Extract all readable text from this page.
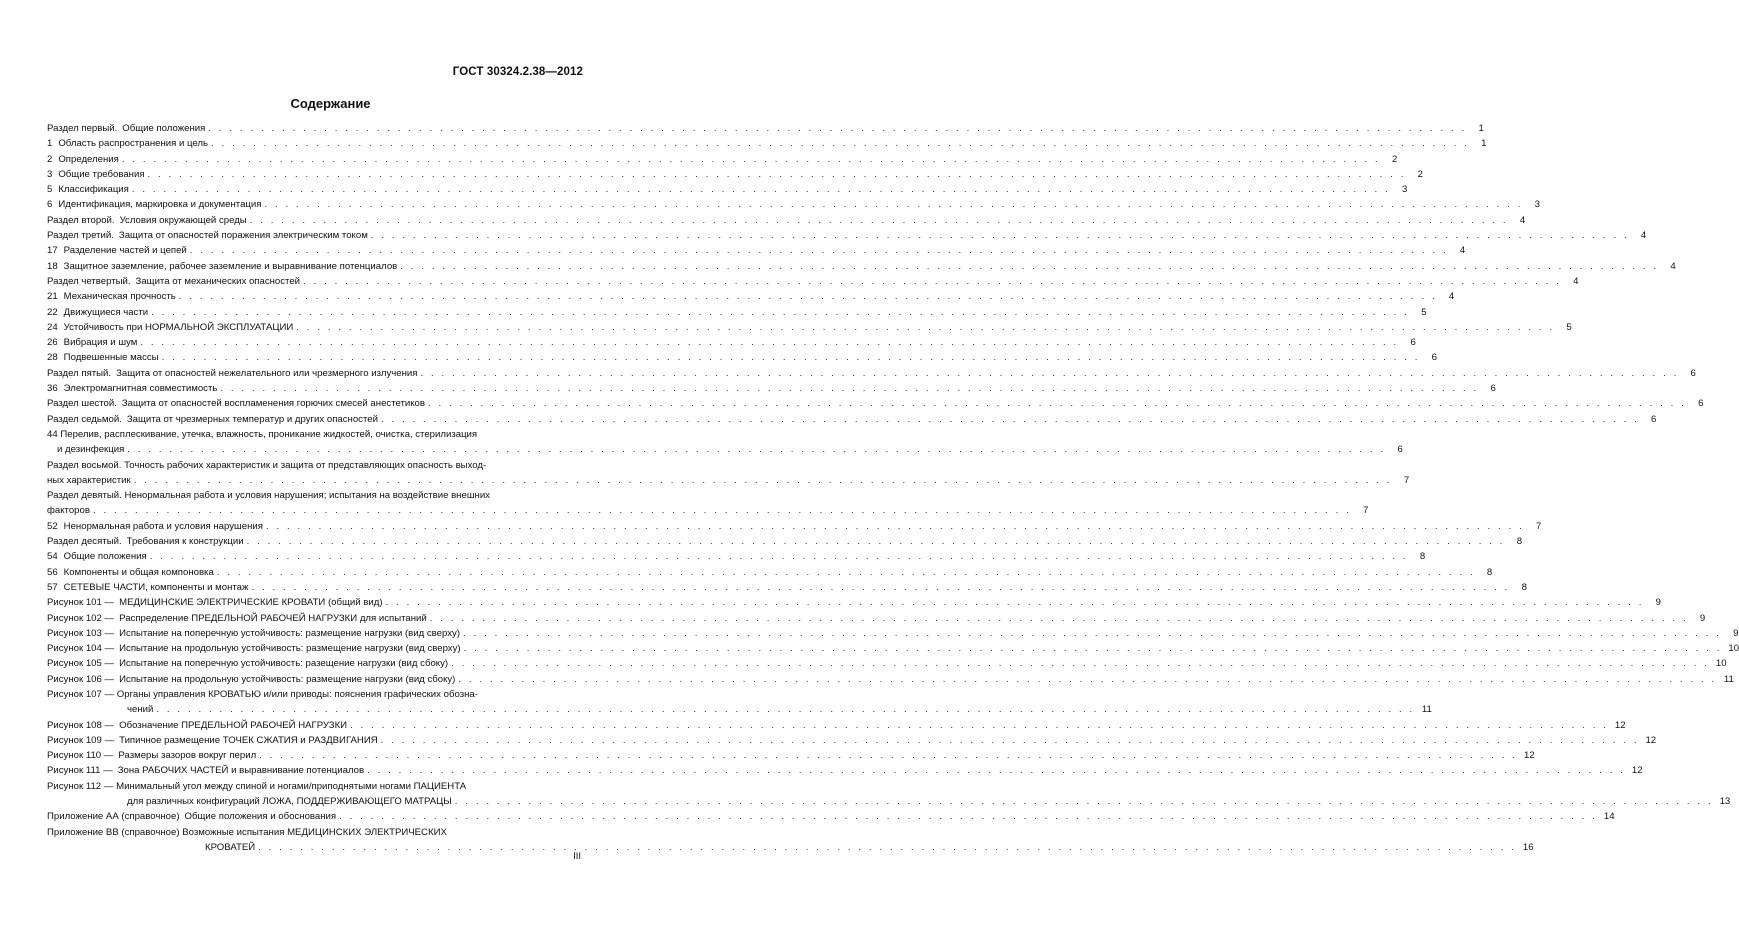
ГОСТ 30324.2.38—2012
Содержание
Раздел первый. Общие положения . . . . . . . . . . . . . . . . . . . . . . . . . . . . . . . . . . . . . . . . . . . . . . . . . . . . . . . . . . . . . . . . . . . . . . . . . . . . . . . . . . . . . . . . . . . . . . . . . . . . . . . . . . . . . . . . . . . . . . . .	1
1 Область распространения и цель . . . . . . . . . . . . . . . . . . . . . . . . . . . . . . . . . . . . . . . . . . . . . . . . . . . . . . . . . . . . . . . . . . . . . . . . . . . . . . . . . . . . . . . . . . . . . . . . . . . . . . . . . . . . . . . . . . . . . . . .	1
2 Определения . . . . . . . . . . . . . . . . . . . . . . . . . . . . . . . . . . . . . . . . . . . . . . . . . . . . . . . . . . . . . . . . . . . . . . . . . . . . . . . . . . . . . . . . . . . . . . . . . . . . . . . . . . . . . . . . . . . . . . . .	2
3 Общие требования . . . . . . . . . . . . . . . . . . . . . . . . . . . . . . . . . . . . . . . . . . . . . . . . . . . . . . . . . . . . . . . . . . . . . . . . . . . . . . . . . . . . . . . . . . . . . . . . . . . . . . . . . . . . . . . . . . . . . . . .	2
5 Классификация . . . . . . . . . . . . . . . . . . . . . . . . . . . . . . . . . . . . . . . . . . . . . . . . . . . . . . . . . . . . . . . . . . . . . . . . . . . . . . . . . . . . . . . . . . . . . . . . . . . . . . . . . . . . . . . . . . . . . . . .	3
6 Идентификация, маркировка и документация . . . . . . . . . . . . . . . . . . . . . . . . . . . . . . . . . . . . . . . . . . . . . . . . . . . . . . . . . . . . . . . . . . . . . . . . . . . . . . . . . . . . . . . . . . . . . . . . . . . . . . . . . . . . . . . . . . . . . . . .	3
Раздел второй. Условия окружающей среды . . . . . . . . . . . . . . . . . . . . . . . . . . . . . . . . . . . . . . . . . . . . . . . . . . . . . . . . . . . . . . . . . . . . . . . . . . . . . . . . . . . . . . . . . . . . . . . . . . . . . . . . . . . . . . . . . . . . . . . .	4
Раздел третий. Защита от опасностей поражения электрическим током . . . . . . . . . . . . . . . . . . . . . . . . . . . . . . . . . . . . . . . . . . . . . . . . . . . . . . . . . . . . . . . . . . . . . . . . . . . . . . . . . . . . . . . . . . . . . . . . . . . . . . . . . . . . . . . . . . . . . . . .	4
17 Разделение частей и цепей . . . . . . . . . . . . . . . . . . . . . . . . . . . . . . . . . . . . . . . . . . . . . . . . . . . . . . . . . . . . . . . . . . . . . . . . . . . . . . . . . . . . . . . . . . . . . . . . . . . . . . . . . . . . . . . . . . . . . . . .	4
18 Защитное заземление, рабочее заземление и выравнивание потенциалов . . . . . . . . . . . . . . . . . . . . . . . . . . . . . . . . . . . . . . . . . . . . . . . . . . . . . . . . . . . . . . . . . . . . . . . . . . . . . . . . . . . . . . . . . . . . . . . . . . . . . . . . . . . . . . . . . . . . . . . .	4
Раздел четвертый. Защита от механических опасностей . . . . . . . . . . . . . . . . . . . . . . . . . . . . . . . . . . . . . . . . . . . . . . . . . . . . . . . . . . . . . . . . . . . . . . . . . . . . . . . . . . . . . . . . . . . . . . . . . . . . . . . . . . . . . . . . . . . . . . . .	4
21 Механическая прочность . . . . . . . . . . . . . . . . . . . . . . . . . . . . . . . . . . . . . . . . . . . . . . . . . . . . . . . . . . . . . . . . . . . . . . . . . . . . . . . . . . . . . . . . . . . . . . . . . . . . . . . . . . . . . . . . . . . . . . . .	4
22 Движущиеся части . . . . . . . . . . . . . . . . . . . . . . . . . . . . . . . . . . . . . . . . . . . . . . . . . . . . . . . . . . . . . . . . . . . . . . . . . . . . . . . . . . . . . . . . . . . . . . . . . . . . . . . . . . . . . . . . . . . . . . . .	5
24 Устойчивость при НОРМАЛЬНОЙ ЭКСПЛУАТАЦИИ . . . . . . . . . . . . . . . . . . . . . . . . . . . . . . . . . . . . . . . . . . . . . . . . . . . . . . . . . . . . . . . . . . . . . . . . . . . . . . . . . . . . . . . . . . . . . . . . . . . . . . . . . . . . . . . . . . . . . . . .	5
26 Вибрация и шум . . . . . . . . . . . . . . . . . . . . . . . . . . . . . . . . . . . . . . . . . . . . . . . . . . . . . . . . . . . . . . . . . . . . . . . . . . . . . . . . . . . . . . . . . . . . . . . . . . . . . . . . . . . . . . . . . . . . . . . .	6
28 Подвешенные массы . . . . . . . . . . . . . . . . . . . . . . . . . . . . . . . . . . . . . . . . . . . . . . . . . . . . . . . . . . . . . . . . . . . . . . . . . . . . . . . . . . . . . . . . . . . . . . . . . . . . . . . . . . . . . . . . . . . . . . . .	6
Раздел пятый. Защита от опасностей нежелательного или чрезмерного излучения . . . . . . . . . . . . . . . . . . . . . . . . . . . . . . . . . . . . . . . . . . . . . . . . . . . . . . . . . . . . . . . . . . . . . . . . . . . . . . . . . . . . . . . . . . . . . . . . . . . . . . . . . . . . . . . . . . . . . . . .	6
36 Электромагнитная совместимость . . . . . . . . . . . . . . . . . . . . . . . . . . . . . . . . . . . . . . . . . . . . . . . . . . . . . . . . . . . . . . . . . . . . . . . . . . . . . . . . . . . . . . . . . . . . . . . . . . . . . . . . . . . . . . . . . . . . . . . .	6
Раздел шестой. Защита от опасностей воспламенения горючих смесей анестетиков . . . . . . . . . . . . . . . . . . . . . . . . . . . . . . . . . . . . . . . . . . . . . . . . . . . . . . . . . . . . . . . . . . . . . . . . . . . . . . . . . . . . . . . . . . . . . . . . . . . . . . . . . . . . . . . . . . . . . . . .	6
Раздел седьмой. Защита от чрезмерных температур и других опасностей . . . . . . . . . . . . . . . . . . . . . . . . . . . . . . . . . . . . . . . . . . . . . . . . . . . . . . . . . . . . . . . . . . . . . . . . . . . . . . . . . . . . . . . . . . . . . . . . . . . . . . . . . . . . . . . . . . . . . . . .	6
44 Перелив, расплескивание, утечка, влажность, проникание жидкостей, очистка, стерилизация
и дезинфекция . . . . . . . . . . . . . . . . . . . . . . . . . . . . . . . . . . . . . . . . . . . . . . . . . . . . . . . . . . . . . . . . . . . . . . . . . . . . . . . . . . . . . . . . . . . . . . . . . . . . . . . . . . . . . . . . . . . . . . . .	6
Раздел восьмой. Точность рабочих характеристик и защита от представляющих опасность выход-
ных характеристик . . . . . . . . . . . . . . . . . . . . . . . . . . . . . . . . . . . . . . . . . . . . . . . . . . . . . . . . . . . . . . . . . . . . . . . . . . . . . . . . . . . . . . . . . . . . . . . . . . . . . . . . . . . . . . . . . . . . . . . .	7
Раздел девятый. Ненормальная работа и условия нарушения; испытания на воздействие внешних
факторов . . . . . . . . . . . . . . . . . . . . . . . . . . . . . . . . . . . . . . . . . . . . . . . . . . . . . . . . . . . . . . . . . . . . . . . . . . . . . . . . . . . . . . . . . . . . . . . . . . . . . . . . . . . . . . . . . . . . . . . .	7
52 Ненормальная работа и условия нарушения . . . . . . . . . . . . . . . . . . . . . . . . . . . . . . . . . . . . . . . . . . . . . . . . . . . . . . . . . . . . . . . . . . . . . . . . . . . . . . . . . . . . . . . . . . . . . . . . . . . . . . . . . . . . . . . . . . . . . . . .	7
Раздел десятый. Требования к конструкции . . . . . . . . . . . . . . . . . . . . . . . . . . . . . . . . . . . . . . . . . . . . . . . . . . . . . . . . . . . . . . . . . . . . . . . . . . . . . . . . . . . . . . . . . . . . . . . . . . . . . . . . . . . . . . . . . . . . . . . .	8
54 Общие положения . . . . . . . . . . . . . . . . . . . . . . . . . . . . . . . . . . . . . . . . . . . . . . . . . . . . . . . . . . . . . . . . . . . . . . . . . . . . . . . . . . . . . . . . . . . . . . . . . . . . . . . . . . . . . . . . . . . . . . . .	8
56 Компоненты и общая компоновка . . . . . . . . . . . . . . . . . . . . . . . . . . . . . . . . . . . . . . . . . . . . . . . . . . . . . . . . . . . . . . . . . . . . . . . . . . . . . . . . . . . . . . . . . . . . . . . . . . . . . . . . . . . . . . . . . . . . . . . .	8
57 СЕТЕВЫЕ ЧАСТИ, компоненты и монтаж . . . . . . . . . . . . . . . . . . . . . . . . . . . . . . . . . . . . . . . . . . . . . . . . . . . . . . . . . . . . . . . . . . . . . . . . . . . . . . . . . . . . . . . . . . . . . . . . . . . . . . . . . . . . . . . . . . . . . . . .	8
Рисунок 101 — МЕДИЦИНСКИЕ ЭЛЕКТРИЧЕСКИЕ КРОВАТИ (общий вид) . . . . . . . . . . . . . . . . . . . . . . . . . . . . . . . . . . . . . . . . . . . . . . . . . . . . . . . . . . . . . . . . . . . . . . . . . . . . . . . . . . . . . . . . . . . . . . . . . . . . . . . . . . . . . . . . . . . . . . . .	9
Рисунок 102 — Распределение ПРЕДЕЛЬНОЙ РАБОЧЕЙ НАГРУЗКИ для испытаний . . . . . . . . . . . . . . . . . . . . . . . . . . . . . . . . . . . . . . . . . . . . . . . . . . . . . . . . . . . . . . . . . . . . . . . . . . . . . . . . . . . . . . . . . . . . . . . . . . . . . . . . . . . . . . . . . . . . . . . .	9
Рисунок 103 — Испытание на поперечную устойчивость: размещение нагрузки (вид сверху) . . . . . . . . . . . . . . . . . . . . . . . . . . . . . . . . . . . . . . . . . . . . . . . . . . . . . . . . . . . . . . . . . . . . . . . . . . . . . . . . . . . . . . . . . . . . . . . . . . . . . . . . . . . . . . . . . . . . . . . .	9
Рисунок 104 — Испытание на продольную устойчивость: размещение нагрузки (вид сверху) . . . . . . . . . . . . . . . . . . . . . . . . . . . . . . . . . . . . . . . . . . . . . . . . . . . . . . . . . . . . . . . . . . . . . . . . . . . . . . . . . . . . . . . . . . . . . . . . . . . . . . . . . . . . . . . . . . . . . . . . 10
Рисунок 105 — Испытание на поперечную устойчивость: разещение нагрузки (вид сбоку) . . . . . . . . . . . . . . . . . . . . . . . . . . . . . . . . . . . . . . . . . . . . . . . . . . . . . . . . . . . . . . . . . . . . . . . . . . . . . . . . . . . . . . . . . . . . . . . . . . . . . . . . . . . . . . . . . . . . . . . . 10
Рисунок 106 — Испытание на продольную устойчивость: размещение нагрузки (вид сбоку) . . . . . . . . . . . . . . . . . . . . . . . . . . . . . . . . . . . . . . . . . . . . . . . . . . . . . . . . . . . . . . . . . . . . . . . . . . . . . . . . . . . . . . . . . . . . . . . . . . . . . . . . . . . . . . . . . . . . . . . . 11
Рисунок 107 — Органы управления КРОВАТЬЮ и/или приводы: пояснения графических обозна-
чений . . . . . . . . . . . . . . . . . . . . . . . . . . . . . . . . . . . . . . . . . . . . . . . . . . . . . . . . . . . . . . . . . . . . . . . . . . . . . . . . . . . . . . . . . . . . . . . . . . . . . . . . . . . . . . . . . . . . . . . . 11
Рисунок 108 — Обозначение ПРЕДЕЛЬНОЙ РАБОЧЕЙ НАГРУЗКИ . . . . . . . . . . . . . . . . . . . . . . . . . . . . . . . . . . . . . . . . . . . . . . . . . . . . . . . . . . . . . . . . . . . . . . . . . . . . . . . . . . . . . . . . . . . . . . . . . . . . . . . . . . . . . . . . . . . . . . . . 12
Рисунок 109 — Типичное размещение ТОЧЕК СЖАТИЯ и РАЗДВИГАНИЯ . . . . . . . . . . . . . . . . . . . . . . . . . . . . . . . . . . . . . . . . . . . . . . . . . . . . . . . . . . . . . . . . . . . . . . . . . . . . . . . . . . . . . . . . . . . . . . . . . . . . . . . . . . . . . . . . . . . . . . . . 12
Рисунок 110 — Размеры зазоров вокруг перил . . . . . . . . . . . . . . . . . . . . . . . . . . . . . . . . . . . . . . . . . . . . . . . . . . . . . . . . . . . . . . . . . . . . . . . . . . . . . . . . . . . . . . . . . . . . . . . . . . . . . . . . . . . . . . . . . . . . . . . . 12
Рисунок 111 — Зона РАБОЧИХ ЧАСТЕЙ и выравнивание потенциалов . . . . . . . . . . . . . . . . . . . . . . . . . . . . . . . . . . . . . . . . . . . . . . . . . . . . . . . . . . . . . . . . . . . . . . . . . . . . . . . . . . . . . . . . . . . . . . . . . . . . . . . . . . . . . . . . . . . . . . . . 12
Рисунок 112 — Минимальный угол между спиной и ногами/приподнятыми ногами ПАЦИЕНТА
для различных конфигураций ЛОЖА, ПОДДЕРЖИВАЮЩЕГО МАТРАЦЫ . . . . . . . . . . . . . . . . . . . . . . . . . . . . . . . . . . . . . . . . . . . . . . . . . . . . . . . . . . . . . . . . . . . . . . . . . . . . . . . . . . . . . . . . . . . . . . . . . . . . . . . . . . . . . . . . . . . . . . . . 13
Приложение АА (справочное) Общие положения и обоснования . . . . . . . . . . . . . . . . . . . . . . . . . . . . . . . . . . . . . . . . . . . . . . . . . . . . . . . . . . . . . . . . . . . . . . . . . . . . . . . . . . . . . . . . . . . . . . . . . . . . . . . . . . . . . . . . . . . . . . . . 14
Приложение ВВ (справочное) Возможные испытания МЕДИЦИНСКИХ ЭЛЕКТРИЧЕСКИХ
КРОВАТЕЙ . . . . . . . . . . . . . . . . . . . . . . . . . . . . . . . . . . . . . . . . . . . . . . . . . . . . . . . . . . . . . . . . . . . . . . . . . . . . . . . . . . . . . . . . . . . . . . . . . . . . . . . . . . . . . . . . . . . . . . . . 16
III
